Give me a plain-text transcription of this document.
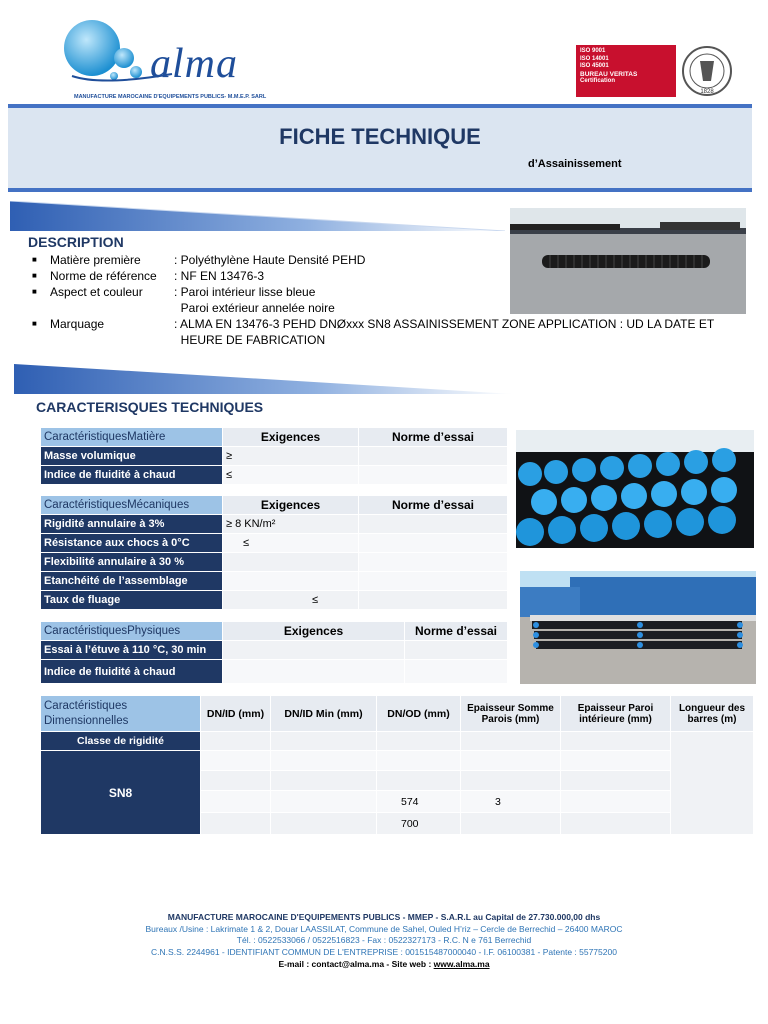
alma
MANUFACTURE MAROCAINE D'EQUIPEMENTS PUBLICS- M.M.E.P. SARL
ISO 9001
ISO 14001
ISO 45001
BUREAU VERITAS
Certification
1828
FICHE TECHNIQUE
d’Assainissement
DESCRIPTION
■ Matière première	: Polyéthylène Haute Densité PEHD
■ Norme de référence : NF EN 13476-3
■ Aspect et couleur	: Paroi intérieur lisse bleue
Paroi extérieur annelée noire
■ Marquage	: ALMA EN 13476-3 PEHD DNØxxx SN8 ASSAINISSEMENT ZONE APPLICATION : UD LA DATE ET
HEURE DE FABRICATION
CARACTERISQUES TECHNIQUES
CaractéristiquesMatière	Exigences	Norme d’essai
Masse volumique	≥	
Indice de fluidité à chaud	≤	
CaractéristiquesMécaniques	Exigences	Norme d’essai
Rigidité annulaire à 3%	≥ 8 KN/m²	
Résistance aux chocs à 0°C	≤	
Flexibilité annulaire à 30 %		
Etanchéité de l’assemblage		
Taux de fluage	≤	
CaractéristiquesPhysiques	Exigences	Norme d’essai
Essai à l’étuve à 110 °C, 30 min		
Indice de fluidité à chaud		
Caractéristiques Dimensionnelles	DN/ID (mm)	DN/ID Min (mm)	DN/OD (mm)	Epaisseur Somme Parois (mm)	Epaisseur Paroi intérieure (mm)	Longueur des barres (m)
Classe de rigidité						
SN8						

			574	3		
			700			
MANUFACTURE MAROCAINE D'EQUIPEMENTS PUBLICS - MMEP - S.A.R.L au Capital de 27.730.000,00 dhs
Bureaux /Usine : Lakrimate 1 & 2, Douar LAASSILAT, Commune de Sahel, Ouled H’riz – Cercle de Berrechid – 26400 MAROC
Tél. : 0522533066 / 0522516823 - Fax : 0522327173 - R.C. N e 761 Berrechid
C.N.S.S. 2244961 - IDENTIFIANT COMMUN DE L'ENTREPRISE : 001515487000040 - I.F. 06100381 - Patente : 55775200
E-mail : contact@alma.ma - Site web : www.alma.ma
